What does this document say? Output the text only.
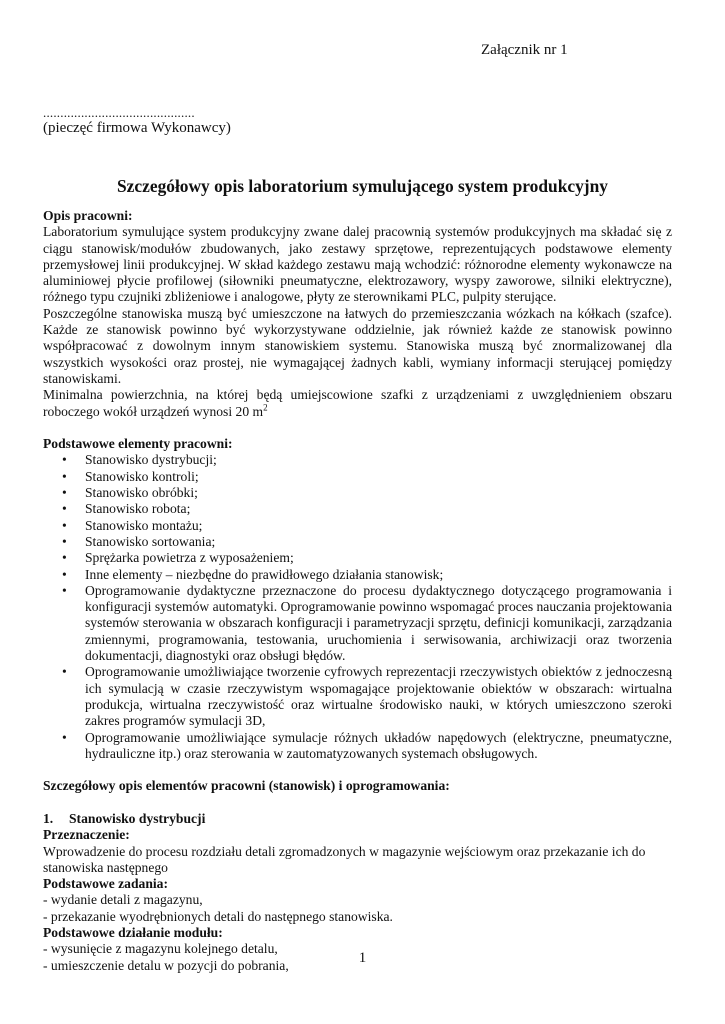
Załącznik nr 1
............................................
(pieczęć firmowa Wykonawcy)
Szczegółowy opis laboratorium symulującego system produkcyjny

Opis pracowni:

Laboratorium symulujące system produkcyjny zwane dalej pracownią systemów produkcyjnych ma składać się z ciągu stanowisk/modułów zbudowanych, jako zestawy sprzętowe, reprezentujących podstawowe elementy przemysłowej linii produkcyjnej. W skład każdego zestawu mają wchodzić: różnorodne elementy wykonawcze na aluminiowej płycie profilowej (siłowniki pneumatyczne, elektrozawory, wyspy zaworowe, silniki elektryczne), różnego typu czujniki zbliżeniowe i analogowe, płyty ze sterownikami PLC, pulpity sterujące.

Poszczególne stanowiska muszą być umieszczone na łatwych do przemieszczania wózkach na kółkach (szafce). Każde ze stanowisk powinno być wykorzystywane oddzielnie, jak również każde ze stanowisk powinno współpracować z dowolnym innym stanowiskiem systemu. Stanowiska muszą być znormalizowanej dla wszystkich wysokości oraz prostej, nie wymagającej żadnych kabli, wymiany informacji sterującej pomiędzy stanowiskami.

Minimalna powierzchnia, na której będą umiejscowione szafki z urządzeniami z uwzględnieniem obszaru roboczego wokół urządzeń wynosi 20 $m^2$

Podstawowe elementy pracowni:

• Stanowisko dystrybucji;
• Stanowisko kontroli;
• Stanowisko obróbki;
• Stanowisko robota;
• Stanowisko montażu;
• Stanowisko sortowania;
• Sprężarka powietrza z wyposażeniem;
• Inne elementy – niezbędne do prawidłowego działania stanowisk;
• Oprogramowanie dydaktyczne przeznaczone do procesu dydaktycznego dotyczącego programowania i konfiguracji systemów automatyki. Oprogramowanie powinno wspomagać proces nauczania projektowania systemów sterowania w obszarach konfiguracji i parametryzacji sprzętu, definicji komunikacji, zarządzania zmiennymi, programowania, testowania, uruchomienia i serwisowania, archiwizacji oraz tworzenia dokumentacji, diagnostyki oraz obsługi błędów.
• Oprogramowanie umożliwiające tworzenie cyfrowych reprezentacji rzeczywistych obiektów z jednoczesną ich symulacją w czasie rzeczywistym wspomagające projektowanie obiektów w obszarach: wirtualna produkcja, wirtualna rzeczywistość oraz wirtualne środowisko nauki, w których umieszczono szeroki zakres programów symulacji 3D,
• Oprogramowanie umożliwiające symulacje różnych układów napędowych (elektryczne, pneumatyczne, hydrauliczne itp.) oraz sterowania w zautomatyzowanych systemach obsługowych.

Szczegółowy opis elementów pracowni (stanowisk) i oprogramowania:

1. Stanowisko dystrybucji

Przeznaczenie:

Wprowadzenie do procesu rozdziału detali zgromadzonych w magazynie wejściowym oraz przekazanie ich do stanowiska następnego

Podstawowe zadania:

- wydanie detali z magazynu,

- przekazanie wyodrębnionych detali do następnego stanowiska.

Podstawowe działanie modułu:

- wysunięcie z magazynu kolejnego detalu,

- umieszczenie detalu w pozycji do pobrania,	1
